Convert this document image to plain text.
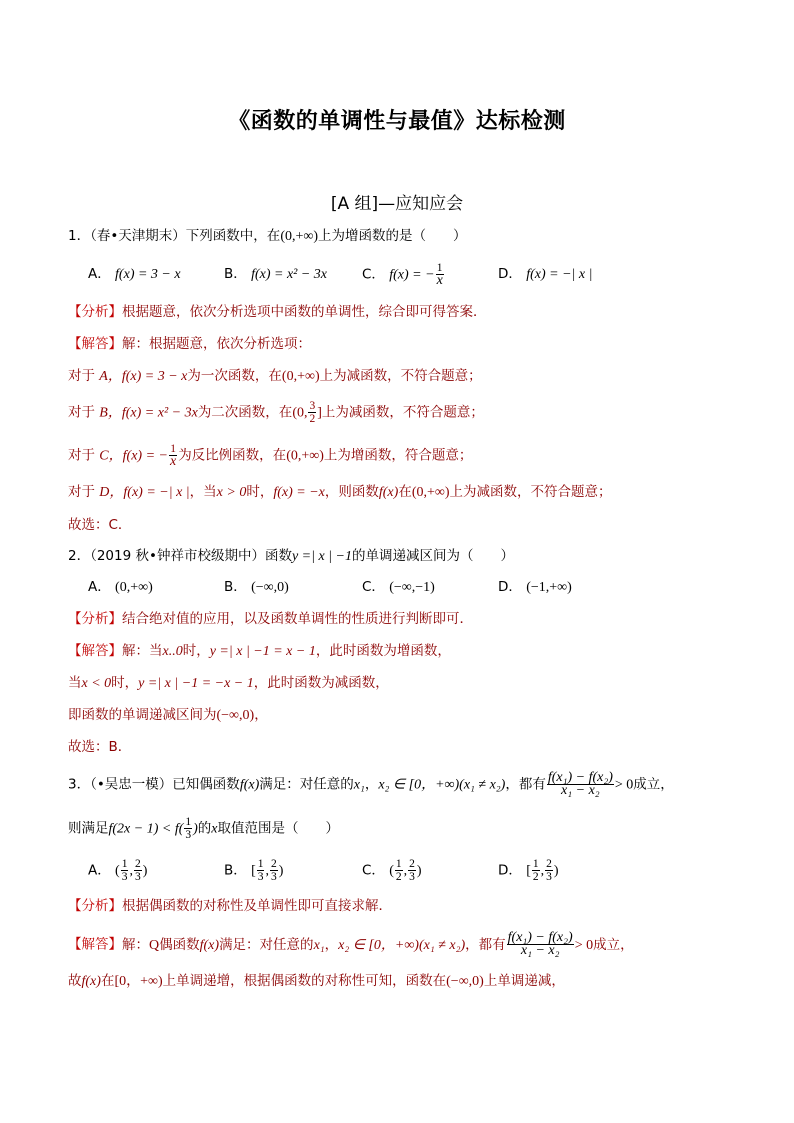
《函数的单调性与最值》达标检测
[A 组]—应知应会
1．（春•天津期末）下列函数中，在(0,+∞)上为增函数的是（　　）
A． f(x) = 3 − x	B． f(x) = x² − 3x	C． f(x) = − $\frac{1}{x}$	D． f(x) = −| x |
【分析】根据题意，依次分析选项中函数的单调性，综合即可得答案．
【解答】解：根据题意，依次分析选项：
对于 A，f(x) = 3 − x为一次函数，在(0,+∞)上为减函数，不符合题意；
对于 B，f(x) = x² − 3x为二次函数，在(0, $\frac{3}{2}$ ]上为减函数，不符合题意；
对于 C，f(x) = − $\frac{1}{x}$ 为反比例函数，在(0,+∞)上为增函数，符合题意；
对于 D，f(x) = −| x |，当x > 0时，f(x) = −x，则函数f(x)在(0,+∞)上为减函数，不符合题意；
故选：C．
2．（2019 秋•钟祥市校级期中）函数y =| x | −1的单调递减区间为（　　）
A． (0,+∞)	B． (−∞,0)	C． (−∞,−1)	D． (−1,+∞)
【分析】结合绝对值的应用，以及函数单调性的性质进行判断即可．
【解答】解：当x..0时，y =| x | −1 = x − 1，此时函数为增函数，
当x < 0时，y =| x | −1 = −x − 1，此时函数为减函数，
即函数的单调递减区间为(−∞,0)，
故选：B．
3．（•吴忠一模）已知偶函数f(x)满足：对任意的x₁，x₂ ∈ [0，+∞)(x₁ ≠ x₂)，都有 $\frac{\text{f(x₁) − f(x₂)}}{\text{x₁ − x₂}} > 0$成立，
则满足$f(2x - 1) < f( \frac{1}{3}$ )的x取值范围是（　　）
A． ( $\frac{1}{3}$ , $\frac{2}{3}$ )	B． [ $\frac{1}{3}$ , $\frac{2}{3}$ )	C． ( $\frac{1}{2}$ , $\frac{2}{3}$ )	D． [ $\frac{1}{2}$ , $\frac{2}{3}$ )
【分析】根据偶函数的对称性及单调性即可直接求解．
【解答】解：Q偶函数f(x)满足：对任意的x₁，x₂ ∈ [0，+∞)(x₁ ≠ x₂)，都有 $\frac{\text{f(x₁) − f(x₂)}}{\text{x₁ − x₂}} > 0$成立，
故f(x)在[0，+∞)上单调递增，根据偶函数的对称性可知，函数在(−∞,0)上单调递减，
